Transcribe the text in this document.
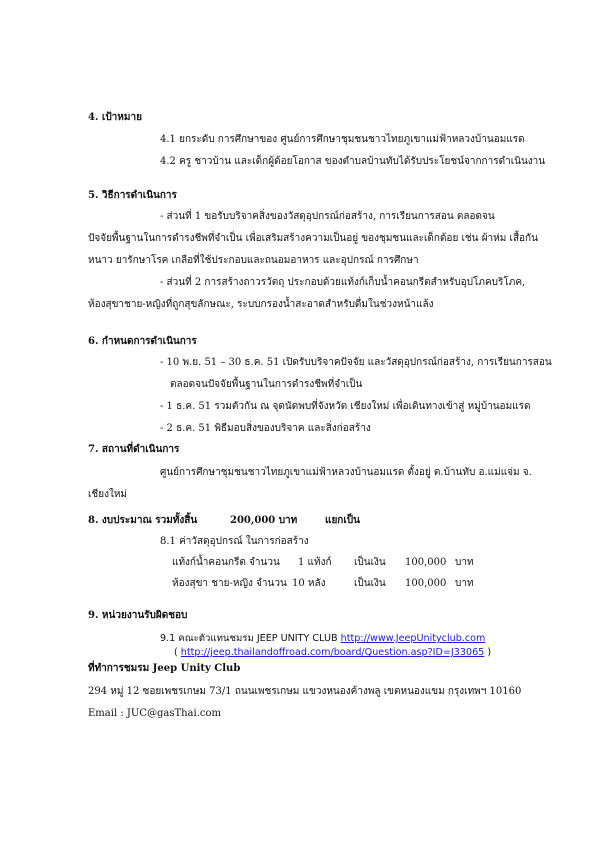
4. เป้าหมาย
4.1 ยกระดับ การศึกษาของ ศูนย์การศึกษาชุมชนชาวไทยภูเขาแม่ฟ้าหลวงบ้านอมแรด
4.2 ครู ชาวบ้าน และเด็กผู้ด้อยโอกาส ของตำบลบ้านทับได้รับประโยชน์จากการดำเนินงาน
5. วิธีการดำเนินการ
- ส่วนที่ 1 ขอรับบริจาคสิ่งของวัสดุอุปกรณ์ก่อสร้าง, การเรียนการสอน ตลอดจน
ปัจจัยพื้นฐานในการดำรงชีพที่จำเป็น เพื่อเสริมสร้างความเป็นอยู่ ของชุมชนและเด็กด้อย เช่น ผ้าห่ม เสื้อกัน
หนาว ยารักษาโรค เกลือที่ใช้ประกอบและถนอมอาหาร และอุปกรณ์ การศึกษา
- ส่วนที่ 2 การสร้างถาวรวัตถุ ประกอบด้วยแท้งก์เก็บน้ำคอนกรีตสำหรับอุปโภคบริโภค,
ห้องสุขาชาย-หญิงที่ถูกสุขลักษณะ, ระบบกรองน้ำสะอาดสำหรับดื่มในช่วงหน้าแล้ง
6. กำหนดการดำเนินการ
- 10 พ.ย. 51 – 30 ธ.ค. 51 เปิดรับบริจาคปัจจัย และวัสดุอุปกรณ์ก่อสร้าง, การเรียนการสอน
ตลอดจนปัจจัยพื้นฐานในการดำรงชีพที่จำเป็น
- 1 ธ.ค. 51 รวมตัวกัน ณ จุดนัดพบที่จังหวัด เชียงใหม่ เพื่อเดินทางเข้าสู่ หมู่บ้านอมแรด
- 2 ธ.ค. 51 พิธีมอบสิ่งของบริจาค และสิ่งก่อสร้าง
7. สถานที่ดำเนินการ
ศูนย์การศึกษาชุมชนชาวไทยภูเขาแม่ฟ้าหลวงบ้านอมแรด ตั้งอยู่ ต.บ้านทับ อ.แม่แจ่ม จ.
เชียงใหม่
8. งบประมาณ รวมทั้งสิ้น	200,000 บาท	แยกเป็น
8.1 ค่าวัสดุอุปกรณ์ ในการก่อสร้าง
แท้งก์น้ำคอนกรีต จำนวน 1 แท้งก์ เป็นเงิน 100,000 บาท
ห้องสุขา ชาย-หญิง จำนวน 10 หลัง	เป็นเงิน 100,000 บาท
9. หน่วยงานรับผิดชอบ
9.1 คณะตัวแทนชมรม JEEP UNITY CLUB http://www.JeepUnityclub.com
( http://jeep.thailandoffroad.com/board/Question.asp?ID=J33065 )
ที่ทำการชมรม Jeep Unity Club
294 หมู่ 12 ซอยเพชรเกษม 73/1 ถนนเพชรเกษม แขวงหนองค้างพลู เขตหนองแขม กรุงเทพฯ 10160
Email : JUC@gasThai.com
